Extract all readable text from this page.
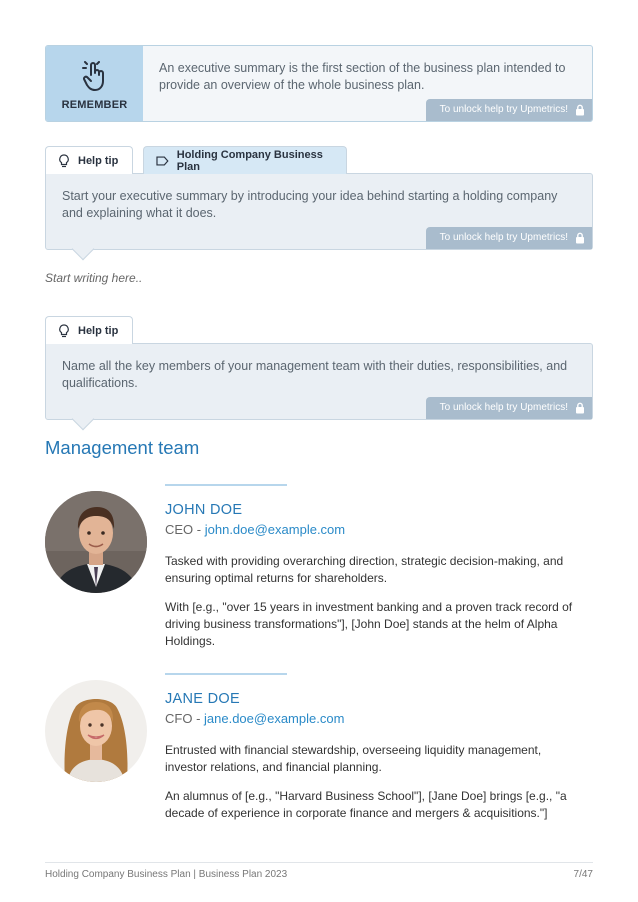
REMEMBER
An executive summary is the first section of the business plan intended to provide an overview of the whole business plan.
To unlock help try Upmetrics!
Help tip	Holding Company Business Plan
Start your executive summary by introducing your idea behind starting a holding company and explaining what it does.
To unlock help try Upmetrics!
Start writing here..
Help tip
Name all the key members of your management team with their duties, responsibilities, and qualifications.
To unlock help try Upmetrics!
Management team
JOHN DOE
CEO - john.doe@example.com
Tasked with providing overarching direction, strategic decision-making, and ensuring optimal returns for shareholders.
With [e.g., "over 15 years in investment banking and a proven track record of driving business transformations"], [John Doe] stands at the helm of Alpha Holdings.
JANE DOE
CFO - jane.doe@example.com
Entrusted with financial stewardship, overseeing liquidity management, investor relations, and financial planning.
An alumnus of [e.g., "Harvard Business School"], [Jane Doe] brings [e.g., "a decade of experience in corporate finance and mergers & acquisitions."]
Holding Company Business Plan | Business Plan 2023	7/47
